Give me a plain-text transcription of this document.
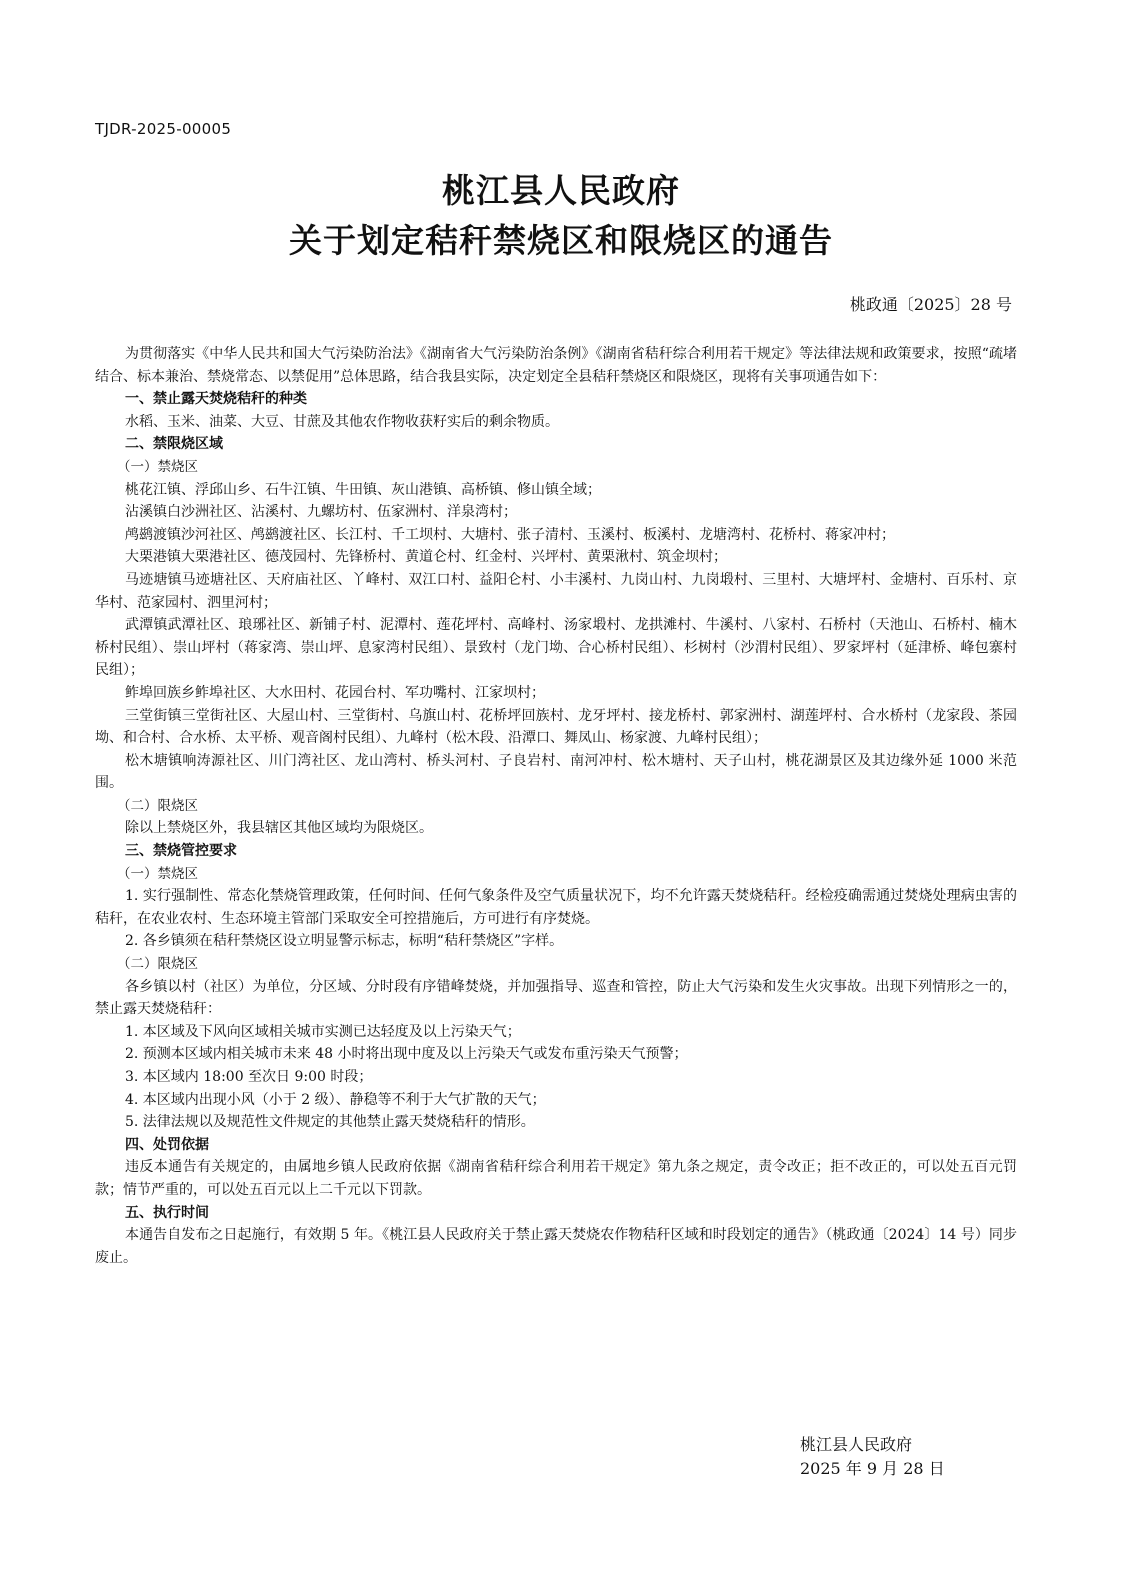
TJDR-2025-00005
桃江县人民政府
关于划定秸秆禁烧区和限烧区的通告
桃政通〔2025〕28 号

为贯彻落实《中华人民共和国大气污染防治法》《湖南省大气污染防治条例》《湖南省秸秆综合利用若干规定》等法律法规和政策要求，按照“疏堵结合、标本兼治、禁烧常态、以禁促用”总体思路，结合我县实际，决定划定全县秸秆禁烧区和限烧区，现将有关事项通告如下：

一、禁止露天焚烧秸秆的种类

水稻、玉米、油菜、大豆、甘蔗及其他农作物收获籽实后的剩余物质。

二、禁限烧区域

（一）禁烧区

桃花江镇、浮邱山乡、石牛江镇、牛田镇、灰山港镇、高桥镇、修山镇全域；

沾溪镇白沙洲社区、沾溪村、九螺坊村、伍家洲村、洋泉湾村；

鸬鹚渡镇沙河社区、鸬鹚渡社区、长江村、千工坝村、大塘村、张子清村、玉溪村、板溪村、龙塘湾村、花桥村、蒋家冲村；

大栗港镇大栗港社区、德茂园村、先锋桥村、黄道仑村、红金村、兴坪村、黄栗湫村、筑金坝村；

马迹塘镇马迹塘社区、天府庙社区、丫峰村、双江口村、益阳仑村、小丰溪村、九岗山村、九岗塅村、三里村、大塘坪村、金塘村、百乐村、京华村、范家园村、泗里河村；

武潭镇武潭社区、琅琊社区、新铺子村、泥潭村、莲花坪村、高峰村、汤家塅村、龙拱滩村、牛溪村、八家村、石桥村（天池山、石桥村、楠木桥村民组）、崇山坪村（蒋家湾、崇山坪、息家湾村民组）、景致村（龙门坳、合心桥村民组）、杉树村（沙渭村民组）、罗家坪村（延津桥、峰包寨村民组）；

鲊埠回族乡鲊埠社区、大水田村、花园台村、军功嘴村、江家坝村；

三堂街镇三堂街社区、大屋山村、三堂街村、乌旗山村、花桥坪回族村、龙牙坪村、接龙桥村、郭家洲村、湖莲坪村、合水桥村（龙家段、茶园坳、和合村、合水桥、太平桥、观音阁村民组）、九峰村（松木段、沿潭口、舞凤山、杨家渡、九峰村民组）；

松木塘镇响涛源社区、川门湾社区、龙山湾村、桥头河村、子良岩村、南河冲村、松木塘村、天子山村，桃花湖景区及其边缘外延 1000 米范围。

（二）限烧区

除以上禁烧区外，我县辖区其他区域均为限烧区。

三、禁烧管控要求

（一）禁烧区

1. 实行强制性、常态化禁烧管理政策，任何时间、任何气象条件及空气质量状况下，均不允许露天焚烧秸秆。经检疫确需通过焚烧处理病虫害的秸秆，在农业农村、生态环境主管部门采取安全可控措施后，方可进行有序焚烧。

2. 各乡镇须在秸秆禁烧区设立明显警示标志，标明“秸秆禁烧区”字样。

（二）限烧区

各乡镇以村（社区）为单位，分区域、分时段有序错峰焚烧，并加强指导、巡查和管控，防止大气污染和发生火灾事故。出现下列情形之一的，禁止露天焚烧秸秆：

1. 本区域及下风向区域相关城市实测已达轻度及以上污染天气；

2. 预测本区域内相关城市未来 48 小时将出现中度及以上污染天气或发布重污染天气预警；

3. 本区域内 18:00 至次日 9:00 时段；

4. 本区域内出现小风（小于 2 级）、静稳等不利于大气扩散的天气；

5. 法律法规以及规范性文件规定的其他禁止露天焚烧秸秆的情形。

四、处罚依据

违反本通告有关规定的，由属地乡镇人民政府依据《湖南省秸秆综合利用若干规定》第九条之规定，责令改正；拒不改正的，可以处五百元罚款；情节严重的，可以处五百元以上二千元以下罚款。

五、执行时间

本通告自发布之日起施行，有效期 5 年。《桃江县人民政府关于禁止露天焚烧农作物秸秆区域和时段划定的通告》（桃政通〔2024〕14 号）同步废止。

桃江县人民政府
2025 年 9 月 28 日
